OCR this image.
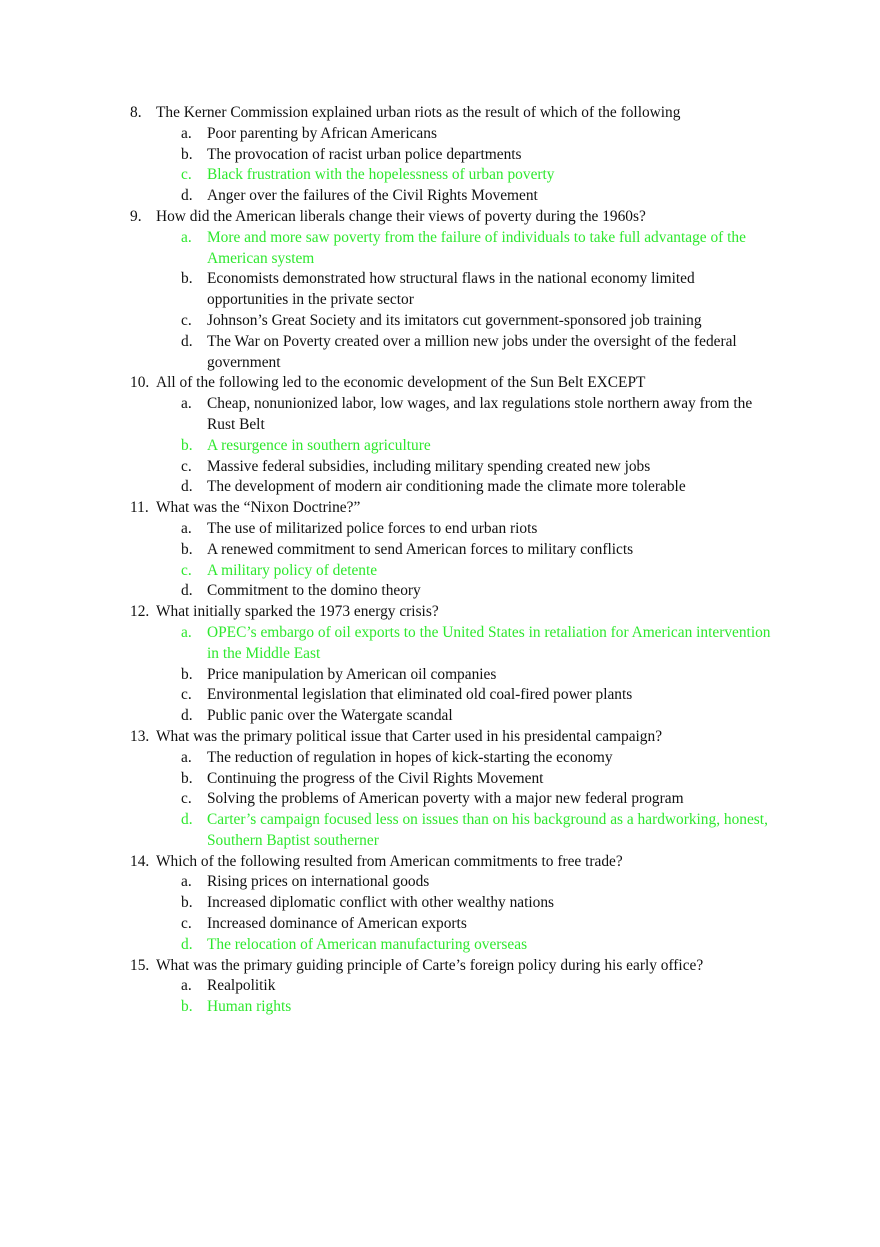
8. The Kerner Commission explained urban riots as the result of which of the following
a. Poor parenting by African Americans
b. The provocation of racist urban police departments
c. Black frustration with the hopelessness of urban poverty
d. Anger over the failures of the Civil Rights Movement
9. How did the American liberals change their views of poverty during the 1960s?
a. More and more saw poverty from the failure of individuals to take full advantage of the American system
b. Economists demonstrated how structural flaws in the national economy limited opportunities in the private sector
c. Johnson’s Great Society and its imitators cut government-sponsored job training
d. The War on Poverty created over a million new jobs under the oversight of the federal government
10. All of the following led to the economic development of the Sun Belt EXCEPT
a. Cheap, nonunionized labor, low wages, and lax regulations stole northern away from the Rust Belt
b. A resurgence in southern agriculture
c. Massive federal subsidies, including military spending created new jobs
d. The development of modern air conditioning made the climate more tolerable
11. What was the “Nixon Doctrine?”
a. The use of militarized police forces to end urban riots
b. A renewed commitment to send American forces to military conflicts
c. A military policy of detente
d. Commitment to the domino theory
12. What initially sparked the 1973 energy crisis?
a. OPEC’s embargo of oil exports to the United States in retaliation for American intervention in the Middle East
b. Price manipulation by American oil companies
c. Environmental legislation that eliminated old coal-fired power plants
d. Public panic over the Watergate scandal
13. What was the primary political issue that Carter used in his presidental campaign?
a. The reduction of regulation in hopes of kick-starting the economy
b. Continuing the progress of the Civil Rights Movement
c. Solving the problems of American poverty with a major new federal program
d. Carter’s campaign focused less on issues than on his background as a hardworking, honest, Southern Baptist southerner
14. Which of the following resulted from American commitments to free trade?
a. Rising prices on international goods
b. Increased diplomatic conflict with other wealthy nations
c. Increased dominance of American exports
d. The relocation of American manufacturing overseas
15. What was the primary guiding principle of Carte’s foreign policy during his early office?
a. Realpolitik
b. Human rights
